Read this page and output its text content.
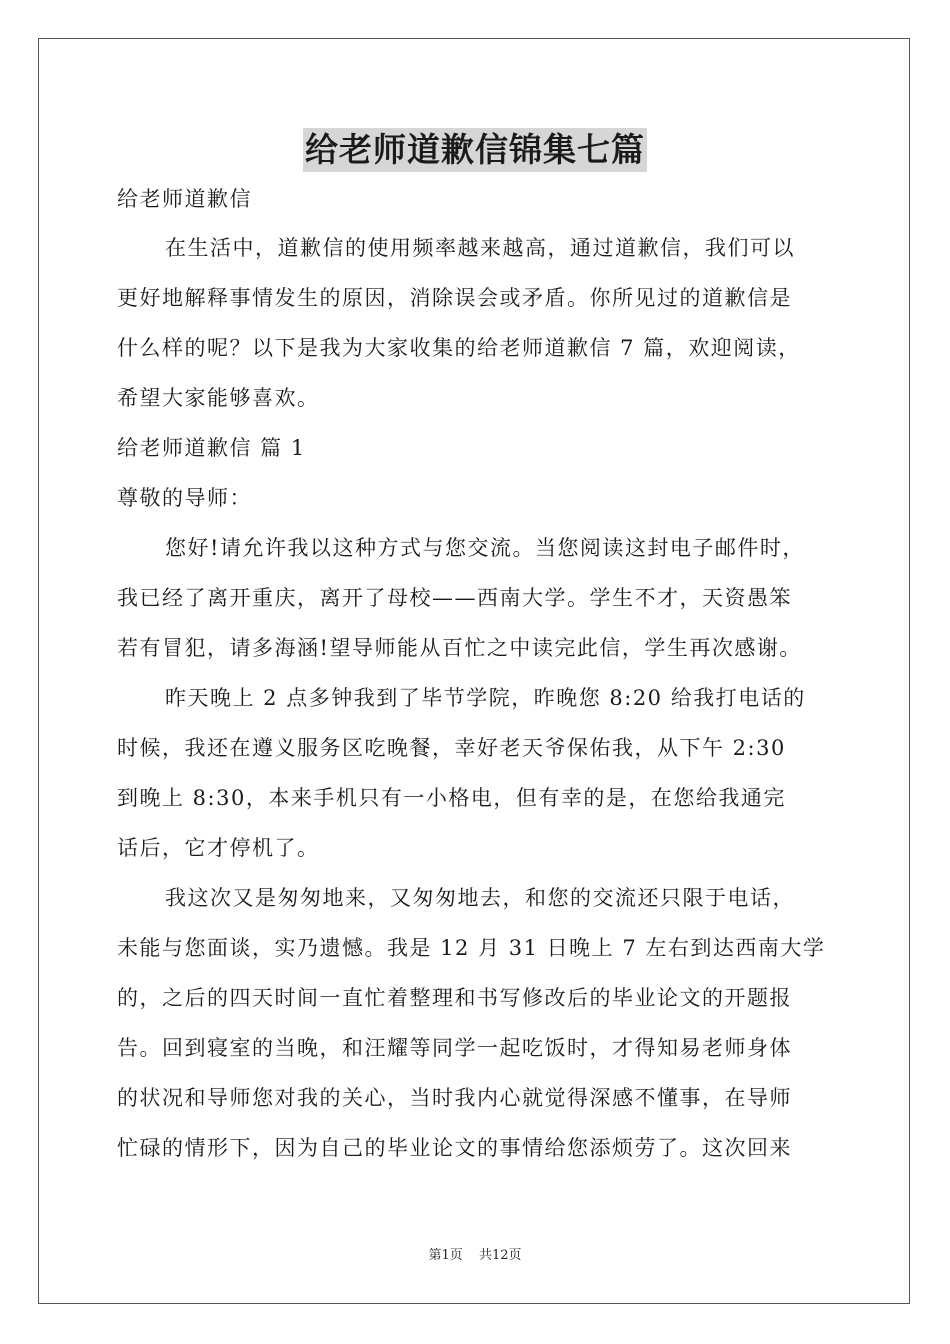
给老师道歉信锦集七篇
给老师道歉信
在生活中，道歉信的使用频率越来越高，通过道歉信，我们可以
更好地解释事情发生的原因，消除误会或矛盾。你所见过的道歉信是
什么样的呢？以下是我为大家收集的给老师道歉信 7 篇，欢迎阅读，
希望大家能够喜欢。
给老师道歉信 篇 1
尊敬的导师：
您好!请允许我以这种方式与您交流。当您阅读这封电子邮件时，
我已经了离开重庆，离开了母校——西南大学。学生不才，天资愚笨
若有冒犯，请多海涵!望导师能从百忙之中读完此信，学生再次感谢。
昨天晚上 2 点多钟我到了毕节学院，昨晚您 8:20 给我打电话的
时候，我还在遵义服务区吃晚餐，幸好老天爷保佑我，从下午 2:30
到晚上 8:30，本来手机只有一小格电，但有幸的是，在您给我通完
话后，它才停机了。
我这次又是匆匆地来，又匆匆地去，和您的交流还只限于电话，
未能与您面谈，实乃遗憾。我是 12 月 31 日晚上 7 左右到达西南大学
的，之后的四天时间一直忙着整理和书写修改后的毕业论文的开题报
告。回到寝室的当晚，和汪耀等同学一起吃饭时，才得知易老师身体
的状况和导师您对我的关心，当时我内心就觉得深感不懂事，在导师
忙碌的情形下，因为自己的毕业论文的事情给您添烦劳了。这次回来
第1页 共12页
